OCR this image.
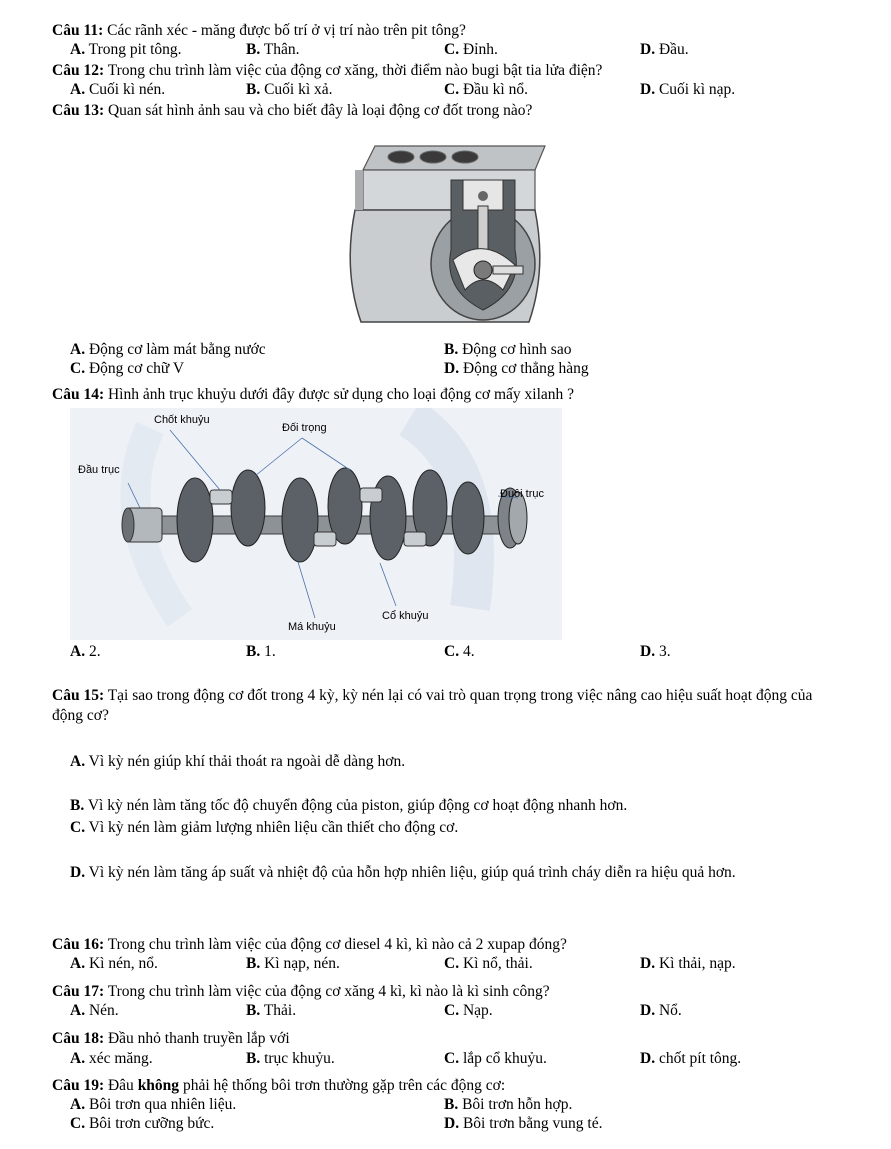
Câu 11: Các rãnh xéc - măng được bố trí ở vị trí nào trên pit tông?
A. Trong pit tông.	B. Thân.	C. Đỉnh.	D. Đầu.
Câu 12: Trong chu trình làm việc của động cơ xăng, thời điểm nào bugi bật tia lửa điện?
A. Cuối kì nén.	B. Cuối kì xả.	C. Đầu kì nổ.	D. Cuối kì nạp.
Câu 13: Quan sát hình ảnh sau và cho biết đây là loại động cơ đốt trong nào?
A. Động cơ làm mát bằng nước	B. Động cơ hình sao
C. Động cơ chữ V	D. Động cơ thẳng hàng
Câu 14: Hình ảnh trục khuỷu dưới đây được sử dụng cho loại động cơ mấy xilanh ?
Chốt khuỷu
Đối trọng
Đầu trục
Đuôi trục
Cổ khuỷu
Má khuỷu
A. 2.	B. 1.	C. 4.	D. 3.
Câu 15: Tại sao trong động cơ đốt trong 4 kỳ, kỳ nén lại có vai trò quan trọng trong việc nâng cao hiệu suất hoạt động của động cơ?
A. Vì kỳ nén giúp khí thải thoát ra ngoài dễ dàng hơn.
B. Vì kỳ nén làm tăng tốc độ chuyển động của piston, giúp động cơ hoạt động nhanh hơn.
C. Vì kỳ nén làm giảm lượng nhiên liệu cần thiết cho động cơ.
D. Vì kỳ nén làm tăng áp suất và nhiệt độ của hỗn hợp nhiên liệu, giúp quá trình cháy diễn ra hiệu quả hơn.
Câu 16: Trong chu trình làm việc của động cơ diesel 4 kì, kì nào cả 2 xupap đóng?
A. Kì nén, nổ.	B. Kì nạp, nén.	C. Kì nổ, thải.	D. Kì thải, nạp.
Câu 17: Trong chu trình làm việc của động cơ xăng 4 kì, kì nào là kì sinh công?
A. Nén.	B. Thải.	C. Nạp.	D. Nổ.
Câu 18: Đầu nhỏ thanh truyền lắp với
A. xéc măng.	B. trục khuỷu.	C. lắp cổ khuỷu.	D. chốt pít tông.
Câu 19: Đâu không phải hệ thống bôi trơn thường gặp trên các động cơ:
A. Bôi trơn qua nhiên liệu.	B. Bôi trơn hỗn hợp.
C. Bôi trơn cưỡng bức.	D. Bôi trơn bằng vung té.
